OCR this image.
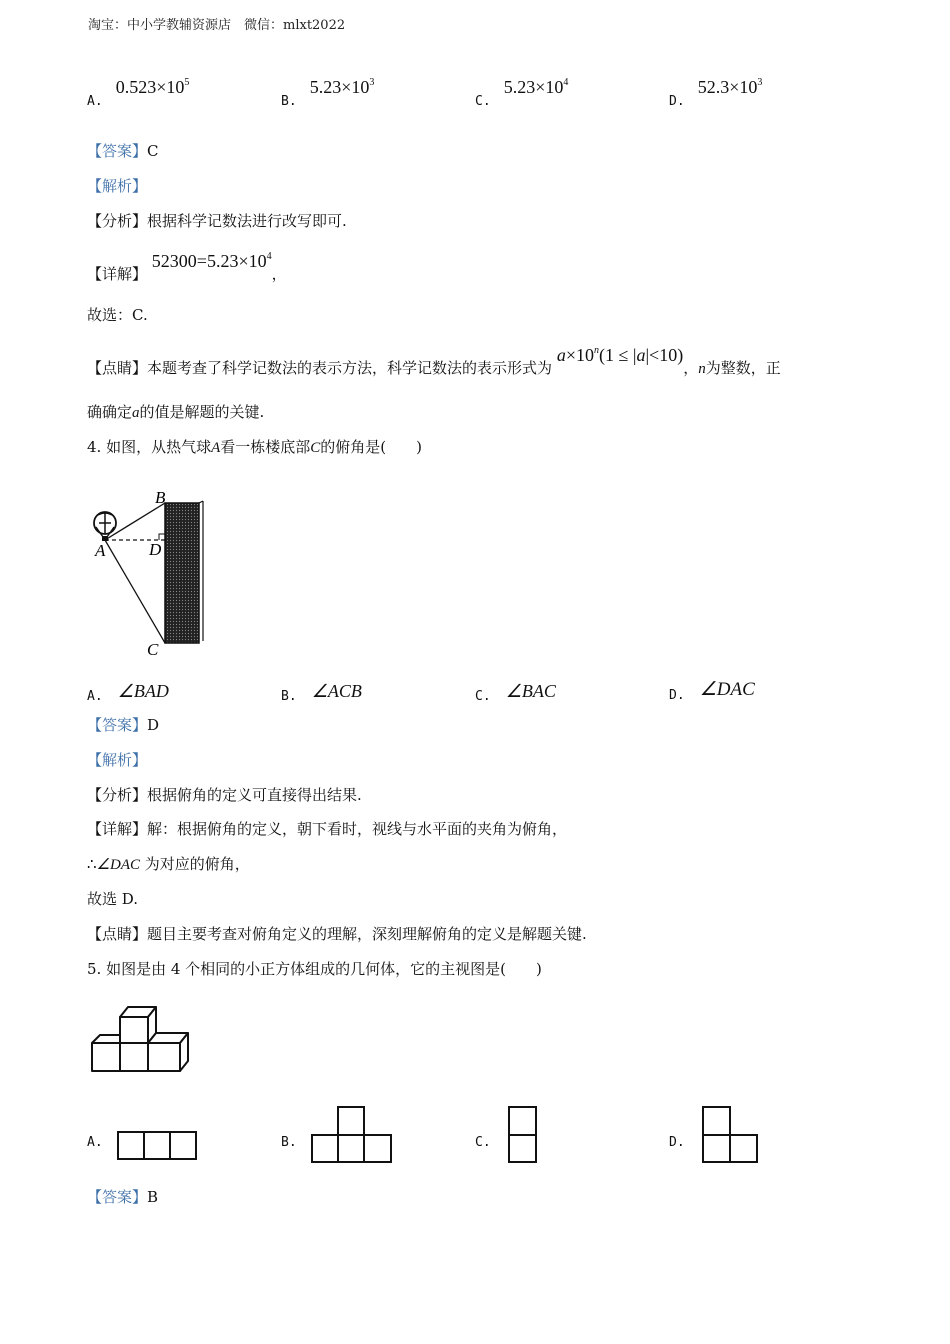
淘宝：中小学教辅资源店　微信：mlxt2022
A. $0.523\times 10^5$
B. $5.23\times 10^3$
C. $5.23\times 10^4$
D. $52.3\times 10^3$
【答案】C
【解析】
【分析】根据科学记数法进行改写即可.
【详解】 $52300=5.23\times 10^4$，
故选：C.
【点睛】本题考查了科学记数法的表示方法，科学记数法的表示形式为 $a\times 10^n(1 \le |a|<10)$，n为整数，正
确确定a的值是解题的关键.
4. 如图，从热气球A看一栋楼底部C的俯角是(　　)
B
A	D
C
A. ∠BAD	B. ∠ACB	C. ∠BAC	D. ∠DAC
【答案】D
【解析】
【分析】根据俯角的定义可直接得出结果.
【详解】解：根据俯角的定义，朝下看时，视线与水平面的夹角为俯角，
∴∠DAC 为对应的俯角，
故选 D.
【点睛】题目主要考查对俯角定义的理解，深刻理解俯角的定义是解题关键.
5. 如图是由 4 个相同的小正方体组成的几何体，它的主视图是(　　)
A.	B.	C.	D.
【答案】B
